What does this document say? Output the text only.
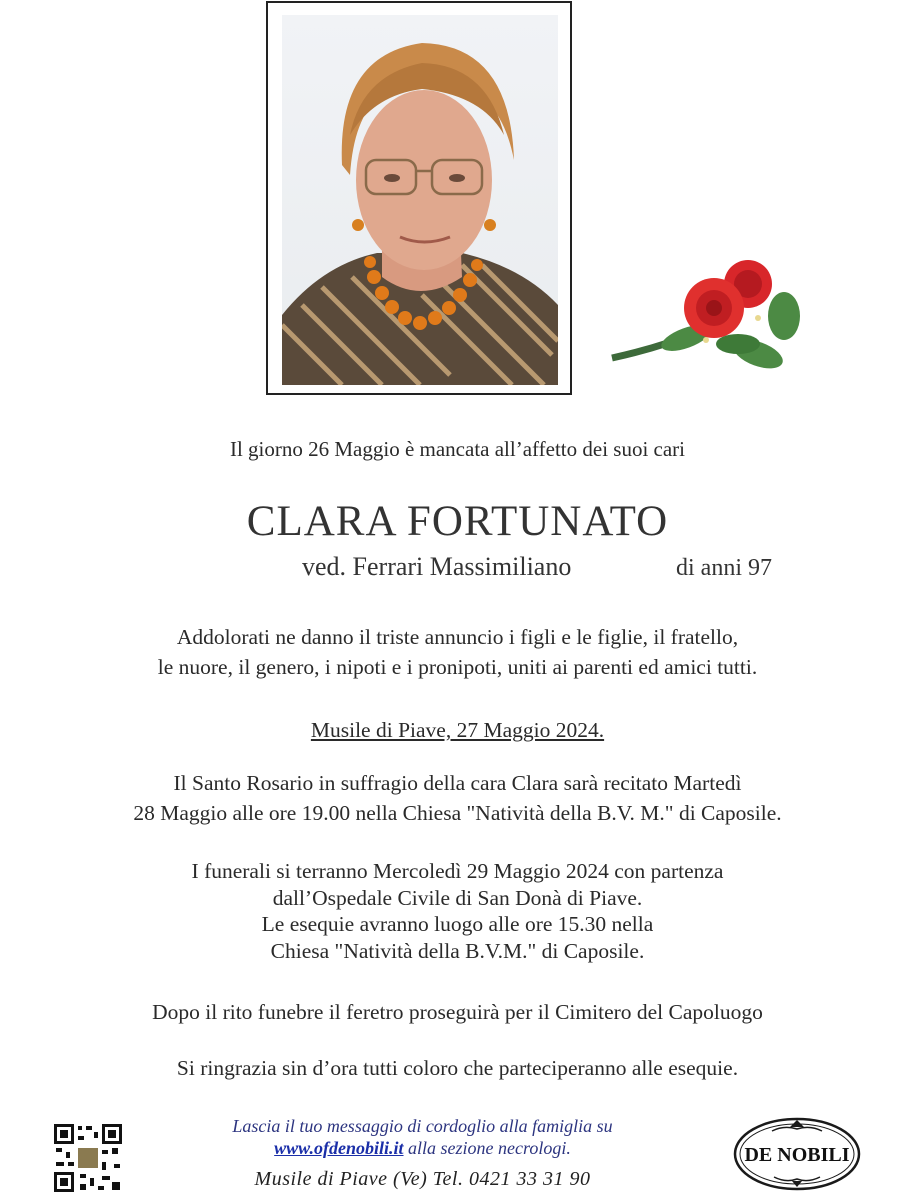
Il giorno 26 Maggio è mancata all’affetto dei suoi cari
CLARA FORTUNATO
ved. Ferrari Massimiliano	di anni 97
Addolorati ne danno il triste annuncio i figli e le figlie, il fratello,
le nuore, il genero, i nipoti e i pronipoti, uniti ai parenti ed amici tutti.
Musile di Piave, 27 Maggio 2024.
Il Santo Rosario in suffragio della cara Clara sarà recitato Martedì
28 Maggio alle ore 19.00 nella Chiesa "Natività della B.V. M." di Caposile.
I funerali si terranno Mercoledì 29 Maggio 2024 con partenza
dall’Ospedale Civile di San Donà di Piave.
Le esequie avranno luogo alle ore 15.30 nella
Chiesa "Natività della B.V.M." di Caposile.
Dopo il rito funebre il feretro proseguirà per il Cimitero del Capoluogo
Si ringrazia sin d’ora tutti coloro che parteciperanno alle esequie.
Lascia il tuo messaggio di cordoglio alla famiglia su
www.ofdenobili.it alla sezione necrologi.
Musile di Piave (Ve) Tel. 0421 33 31 90
DE NOBILI
